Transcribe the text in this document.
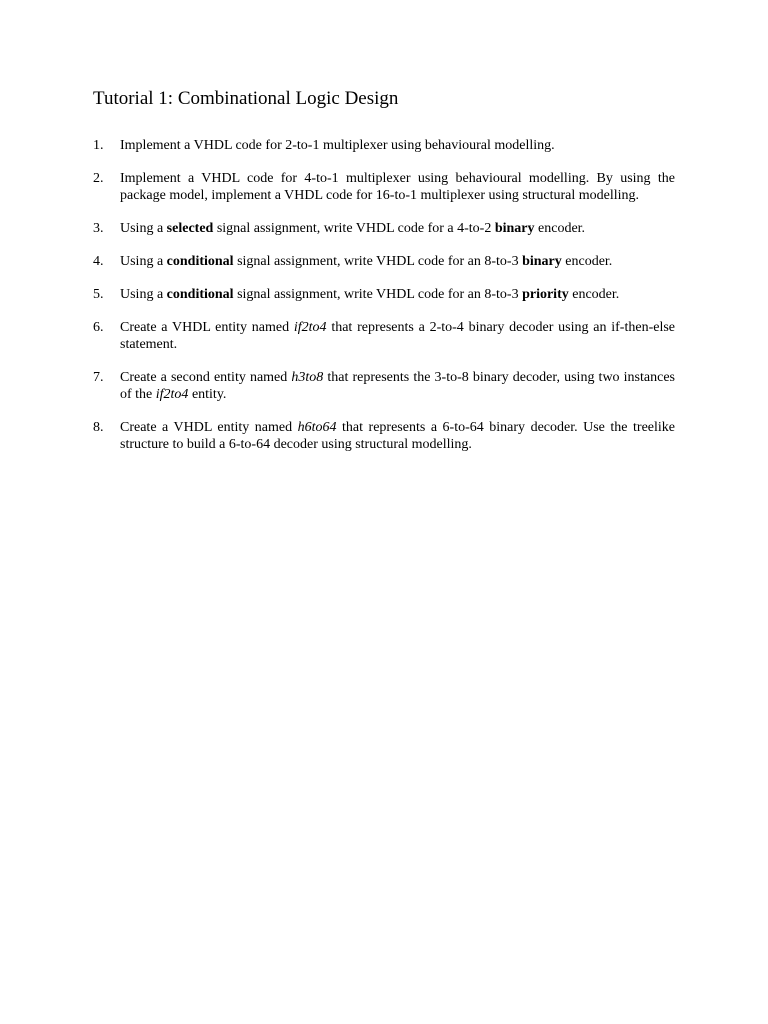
Tutorial 1: Combinational Logic Design
1. Implement a VHDL code for 2-to-1 multiplexer using behavioural modelling.
2. Implement a VHDL code for 4-to-1 multiplexer using behavioural modelling. By using the package model, implement a VHDL code for 16-to-1 multiplexer using structural modelling.
3. Using a selected signal assignment, write VHDL code for a 4-to-2 binary encoder.
4. Using a conditional signal assignment, write VHDL code for an 8-to-3 binary encoder.
5. Using a conditional signal assignment, write VHDL code for an 8-to-3 priority encoder.
6. Create a VHDL entity named if2to4 that represents a 2-to-4 binary decoder using an if-then-else statement.
7. Create a second entity named h3to8 that represents the 3-to-8 binary decoder, using two instances of the if2to4 entity.
8. Create a VHDL entity named h6to64 that represents a 6-to-64 binary decoder. Use the treelike structure to build a 6-to-64 decoder using structural modelling.
